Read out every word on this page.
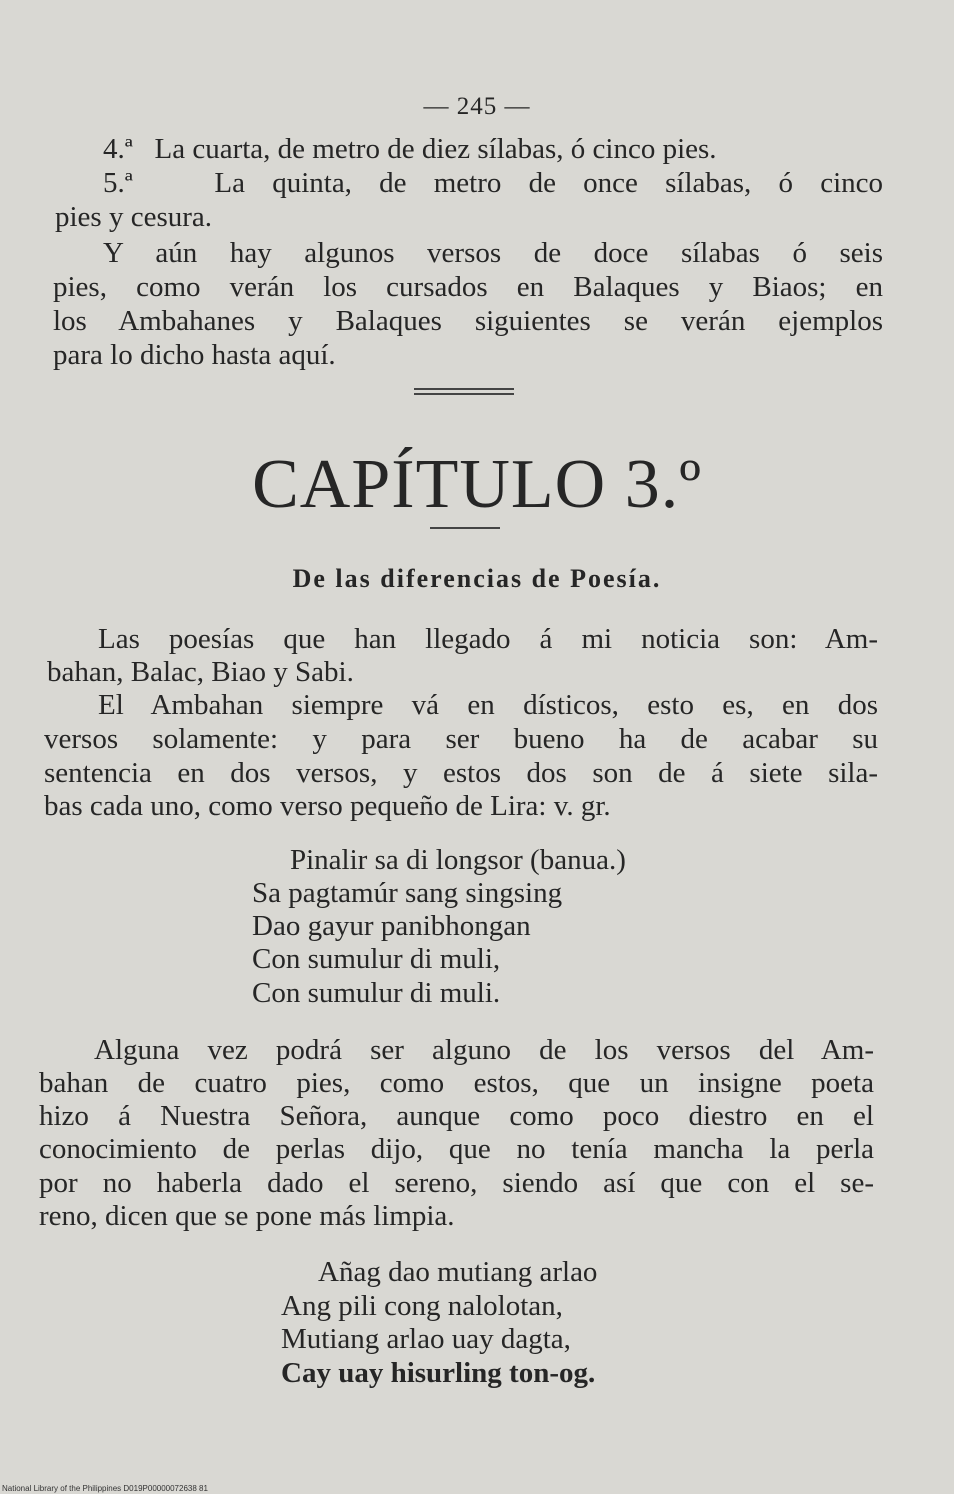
— 245 —
4.ª La cuarta, de metro de diez sílabas, ó cinco pies.
5.ª	La quinta, de metro de once sílabas, ó cinco
pies y cesura.
Y aún hay algunos versos de doce sílabas ó seis
pies, como verán los cursados en Balaques y Biaos; en
los Ambahanes y Balaques siguientes se verán ejemplos
para lo dicho hasta aquí.
CAPÍTULO 3.º
De las diferencias de Poesía.
Las poesías que han llegado á mi noticia son: Am-
bahan, Balac, Biao y Sabi.
El Ambahan siempre vá en dísticos, esto es, en dos
versos solamente: y para ser bueno ha de acabar su
sentencia en dos versos, y estos dos son de á siete sila-
bas cada uno, como verso pequeño de Lira: v. gr.
Pinalir sa di longsor (banua.)
Sa pagtamúr sang singsing
Dao gayur panibhongan
Con sumulur di muli,
Con sumulur di muli.
Alguna vez podrá ser alguno de los versos del Am-
bahan de cuatro pies, como estos, que un insigne poeta
hizo á Nuestra Señora, aunque como poco diestro en el
conocimiento de perlas dijo, que no tenía mancha la perla
por no haberla dado el sereno, siendo así que con el se-
reno, dicen que se pone más limpia.
Añag dao mutiang arlao
Ang pili cong nalolotan,
Mutiang arlao uay dagta,
Cay uay hisurling ton-og.
National Library of the Philippines D019P00000072638 81
